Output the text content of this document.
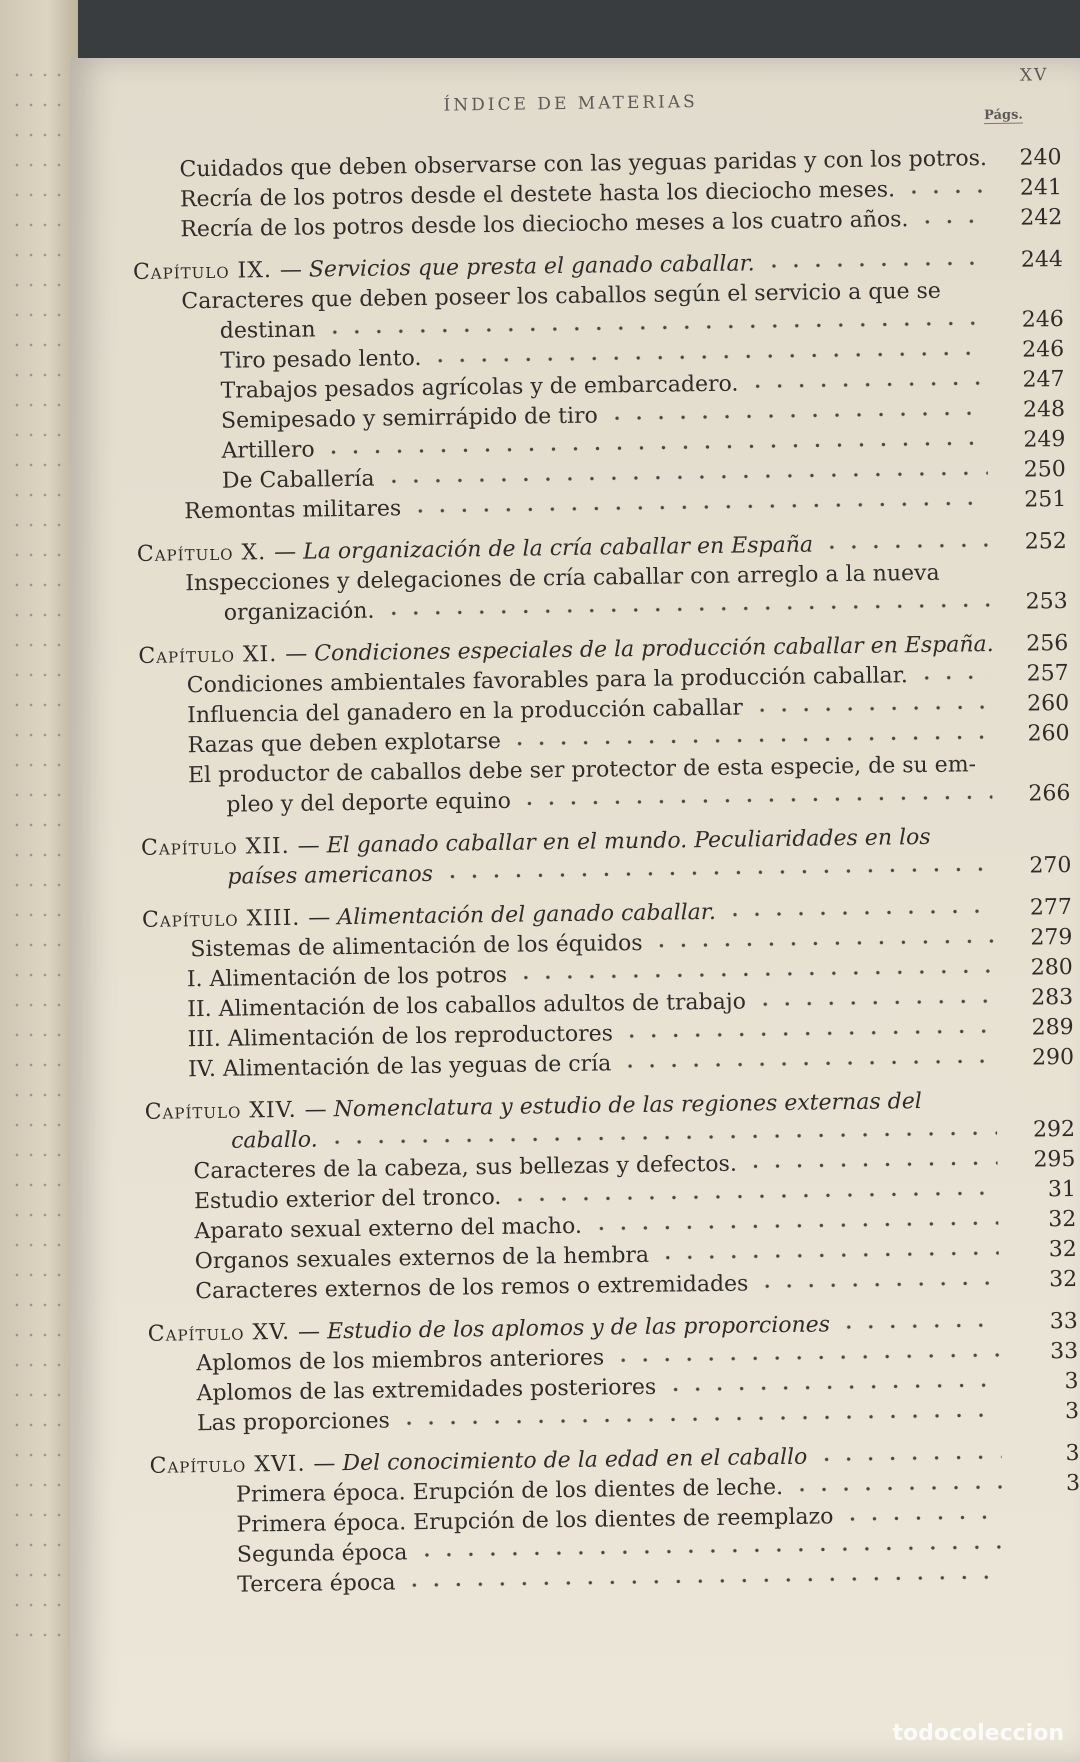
ÍNDICE DE MATERIAS
XV
Págs.
Cuidados que deben observarse con las yeguas paridas y con los potros.	240
Recría de los potros desde el destete hasta los dieciocho meses.	241
Recría de los potros desde los dieciocho meses a los cuatro años.	242
Capítulo IX. — Servicios que presta el ganado caballar.	244
Caracteres que deben poseer los caballos según el servicio a que se
destinan	246
Tiro pesado lento.	246
Trabajos pesados agrícolas y de embarcadero.	247
Semipesado y semirrápido de tiro	248
Artillero	249
De Caballería	250
Remontas militares	251
Capítulo X. — La organización de la cría caballar en España	252
Inspecciones y delegaciones de cría caballar con arreglo a la nueva
organización.	253
Capítulo XI. — Condiciones especiales de la producción caballar en España.	256
Condiciones ambientales favorables para la producción caballar.	257
Influencia del ganadero en la producción caballar	260
Razas que deben explotarse	260
El productor de caballos debe ser protector de esta especie, de su em-
pleo y del deporte equino	266
Capítulo XII. — El ganado caballar en el mundo. Peculiaridades en los
países americanos	270
Capítulo XIII. — Alimentación del ganado caballar.	277
Sistemas de alimentación de los équidos	279
I. Alimentación de los potros	280
II. Alimentación de los caballos adultos de trabajo	283
III. Alimentación de los reproductores	289
IV. Alimentación de las yeguas de cría	290
Capítulo XIV. — Nomenclatura y estudio de las regiones externas del
caballo.	292
Caracteres de la cabeza, sus bellezas y defectos.	295
Estudio exterior del tronco.	31
Aparato sexual externo del macho.	32
Organos sexuales externos de la hembra	32
Caracteres externos de los remos o extremidades	32
Capítulo XV. — Estudio de los aplomos y de las proporciones	33
Aplomos de los miembros anteriores	33
Aplomos de las extremidades posteriores	3
Las proporciones	3
Capítulo XVI. — Del conocimiento de la edad en el caballo	3
Primera época. Erupción de los dientes de leche.	3
Primera época. Erupción de los dientes de reemplazo
Segunda época
Tercera época
todocoleccion
